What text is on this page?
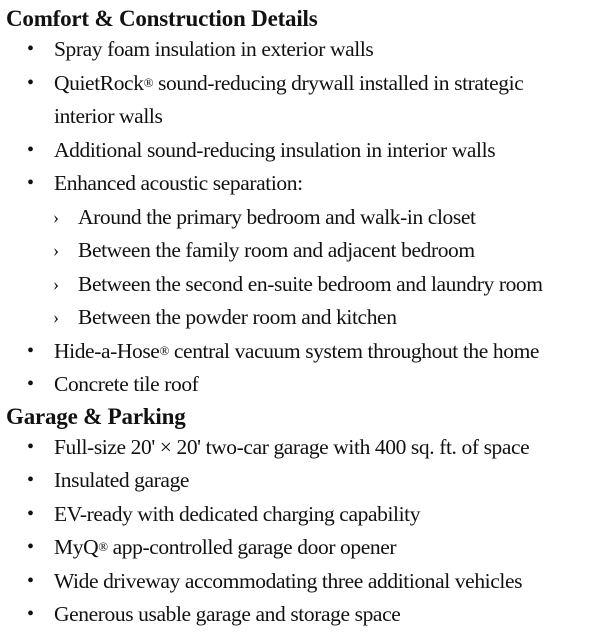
Comfort & Construction Details
• Spray foam insulation in exterior walls
• QuietRock® sound-reducing drywall installed in strategic
interior walls
• Additional sound-reducing insulation in interior walls
• Enhanced acoustic separation:
› Around the primary bedroom and walk-in closet
› Between the family room and adjacent bedroom
› Between the second en-suite bedroom and laundry room
› Between the powder room and kitchen
• Hide-a-Hose® central vacuum system throughout the home
• Concrete tile roof
Garage & Parking
• Full-size 20' × 20' two-car garage with 400 sq. ft. of space
• Insulated garage
• EV-ready with dedicated charging capability
• MyQ® app-controlled garage door opener
• Wide driveway accommodating three additional vehicles
• Generous usable garage and storage space
